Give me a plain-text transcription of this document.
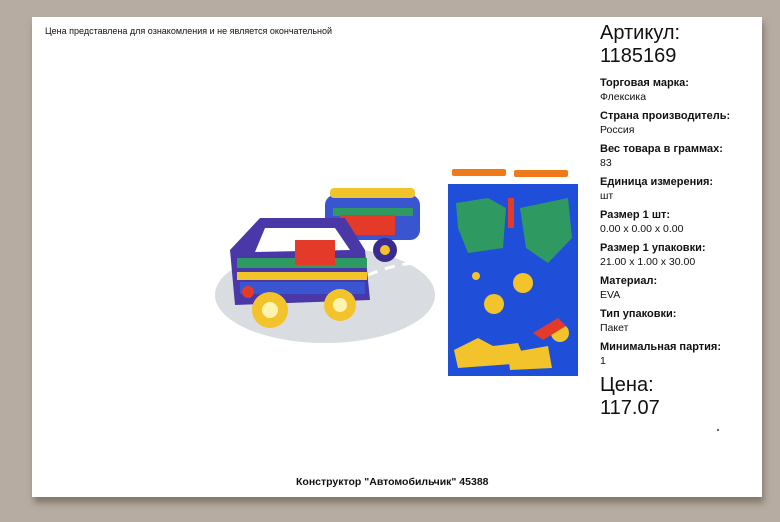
Цена представлена для ознакомления и не является окончательной	Артикул:
1185169
Торговая марка:
Флексика
Страна производитель:
Россия
Вес товара в граммах:
83
Единица измерения:
шт
Размер 1 шт:
0.00 x 0.00 x 0.00
Размер 1 упаковки:
21.00 x 1.00 x 30.00
Материал:
EVA
Тип упаковки:
Пакет
Минимальная партия:
1
Цена:
117.07
Конструктор "Автомобильчик" 45388
